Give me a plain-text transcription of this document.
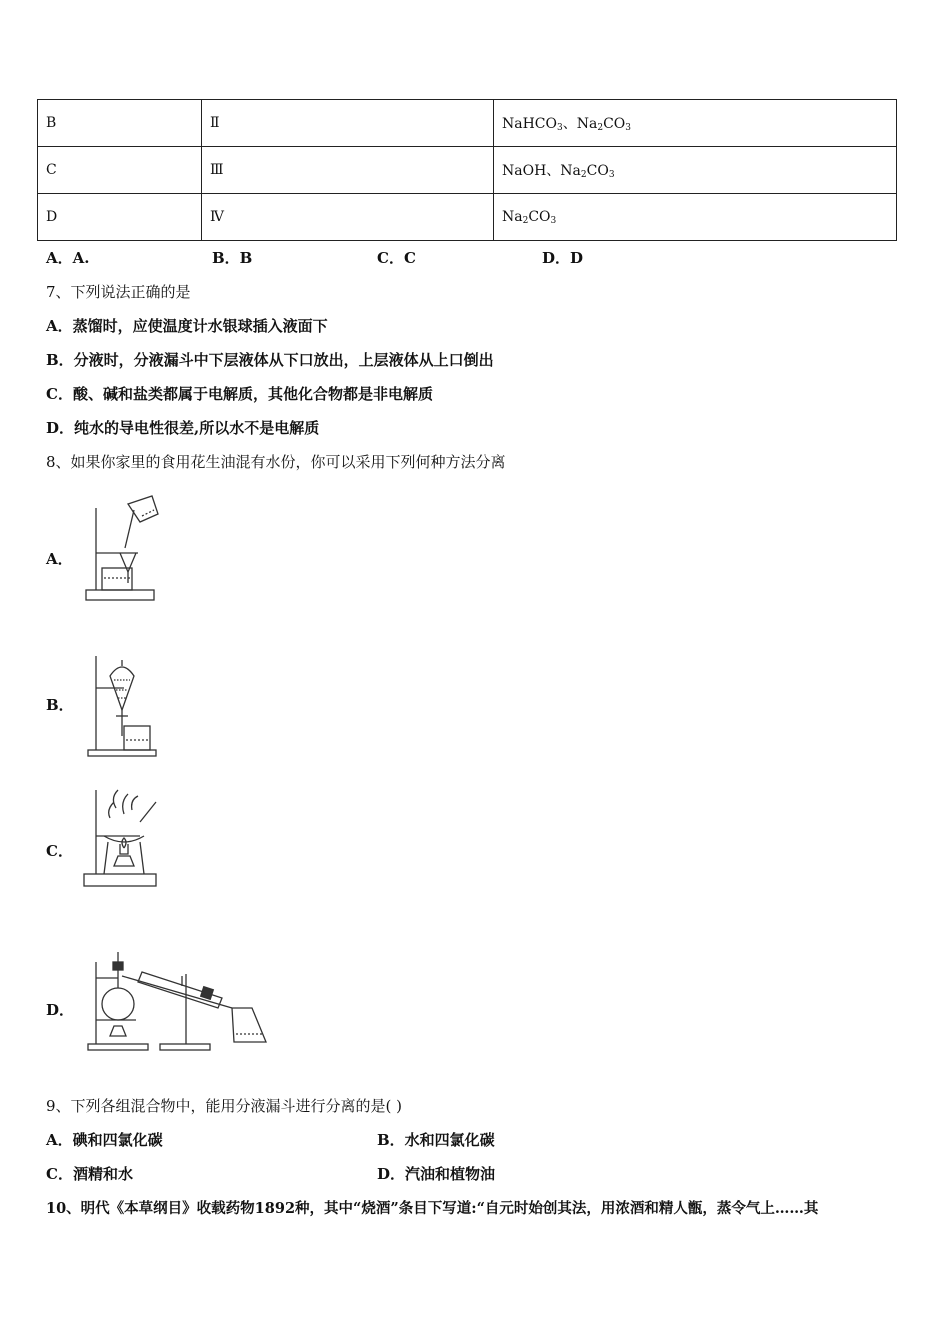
B	Ⅱ	NaHCO$_3$、$Na_2CO_3$
C	Ⅲ	NaOH、$Na_2CO_3$
D	Ⅳ	$Na_2CO_3$
A．A.	B．B	C．C	D．D
7、下列说法正确的是
A．蒸馏时，应使温度计水银球插入液面下
B．分液时，分液漏斗中下层液体从下口放出，上层液体从上口倒出
C．酸、碱和盐类都属于电解质，其他化合物都是非电解质
D．纯水的导电性很差,所以水不是电解质
8、如果你家里的食用花生油混有水份，你可以采用下列何种方法分离
A．
B．
C．
D．
9、下列各组混合物中，能用分液漏斗进行分离的是( )
A．碘和四氯化碳	B．水和四氯化碳
C．酒精和水	D．汽油和植物油
10、明代《本草纲目》收载药物1892种，其中“烧酒”条目下写道:“自元时始创其法，用浓酒和精人甑，蒸令气上……其
